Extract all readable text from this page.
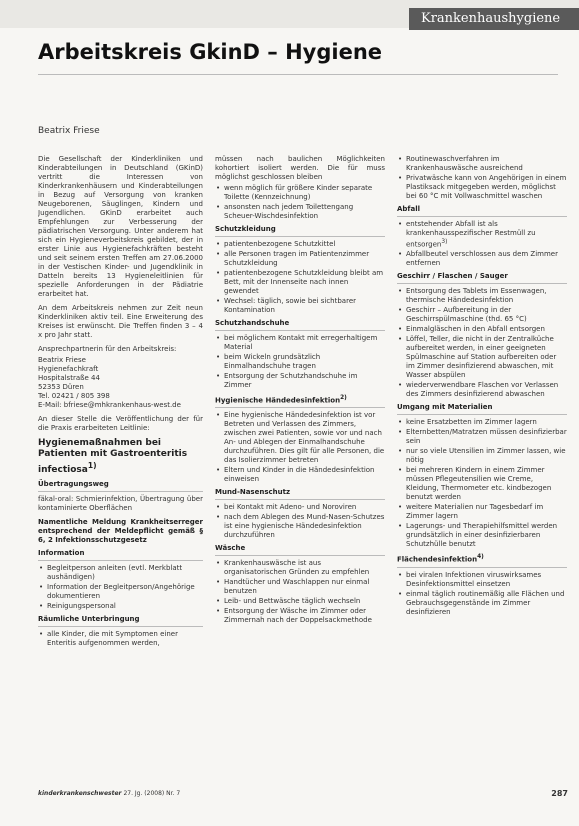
Krankenhaushygiene
Arbeitskreis GkinD – Hygiene
Beatrix Friese

Die Gesellschaft der Kinderkliniken und Kinderabteilungen in Deutschland (GKinD) vertritt die Interessen von Kinderkrankenhäusern und Kinderabteilungen in Bezug auf Versorgung von kranken Neugeborenen, Säuglingen, Kindern und Jugendlichen. GKinD erarbeitet auch Empfehlungen zur Verbesserung der pädiatrischen Versorgung. Unter anderem hat sich ein Hygieneverbeitskreis gebildet, der in erster Linie aus Hygienefachkräften besteht und seit seinem ersten Treffen am 27.06.2000 in der Vestischen Kinder- und Jugendklinik in Datteln bereits 13 Hygieneleitlinien für spezielle Anforderungen in der Pädiatrie erarbeitet hat.

An dem Arbeitskreis nehmen zur Zeit neun Kinderkliniken aktiv teil. Eine Erweiterung des Kreises ist erwünscht. Die Treffen finden 3 – 4 x pro Jahr statt.

Ansprechpartnerin für den Arbeitskreis:

Beatrix Friese
Hygienefachkraft
Hospitalstraße 44
52353 Düren
Tel. 02421 / 805 398
E-Mail: bfriese@mhkrankenhaus-west.de

An dieser Stelle die Veröffentlichung der für die Praxis erarbeiteten Leitlinie:

Hygienemaßnahmen bei Patienten mit Gastroenteritis infectiosa$^{1)}$
Übertragungsweg

fäkal-oral: Schmierinfektion, Übertragung über kontaminierte Oberflächen

Namentliche Meldung Krankheitserreger entsprechend der Meldepflicht gemäß § 6, 2 Infektionsschutzgesetz

Information
• Begleitperson anleiten (evtl. Merkblatt aushändigen)
• Information der Begleitperson/Angehörige dokumentieren
• Reinigungspersonal
Räumliche Unterbringung
• alle Kinder, die mit Symptomen einer Enteritis aufgenommen werden,

müssen nach baulichen Möglichkeiten kohortiert isoliert werden. Die für muss möglichst geschlossen bleiben

• wenn möglich für größere Kinder separate Toilette (Kennzeichnung)
• ansonsten nach jedem Toilettengang Scheuer-Wischdesinfektion
Schutzkleidung
• patientenbezogene Schutzkittel
• alle Personen tragen im Patientenzimmer Schutzkleidung
• patientenbezogene Schutzkleidung bleibt am Bett, mit der Innenseite nach innen gewendet
• Wechsel: täglich, sowie bei sichtbarer Kontamination
Schutzhandschuhe
• bei möglichem Kontakt mit erregerhaltigem Material
• beim Wickeln grundsätzlich Einmalhandschuhe tragen
• Entsorgung der Schutzhandschuhe im Zimmer
Hygienische Händedesinfektion$^{2)}$
• Eine hygienische Händedesinfektion ist vor Betreten und Verlassen des Zimmers, zwischen zwei Patienten, sowie vor und nach An- und Ablegen der Einmalhandschuhe durchzuführen. Dies gilt für alle Personen, die das Isolierzimmer betreten
• Eltern und Kinder in die Händedesinfektion einweisen
Mund-Nasenschutz
• bei Kontakt mit Adeno- und Noroviren
• nach dem Ablegen des Mund-Nasen-Schutzes ist eine hygienische Händedesinfektion durchzuführen
Wäsche
• Krankenhauswäsche ist aus organisatorischen Gründen zu empfehlen
• Handtücher und Waschlappen nur einmal benutzen
• Leib- und Bettwäsche täglich wechseln
• Entsorgung der Wäsche im Zimmer oder Zimmernah nach der Doppelsackmethode
• Routinewaschverfahren im Krankenhauswäsche ausreichend
• Privatwäsche kann von Angehörigen in einem Plastiksack mitgegeben werden, möglichst bei 60 °C mit Vollwaschmittel waschen
Abfall
• entstehender Abfall ist als krankenhausspezifischer Restmüll zu entsorgen$^{3)}$
• Abfallbeutel verschlossen aus dem Zimmer entfernen
Geschirr / Flaschen / Sauger
• Entsorgung des Tablets im Essenwagen, thermische Händedesinfektion
• Geschirr – Aufbereitung in der Geschirrspülmaschine (thd. 65 °C)
• Einmalgläschen in den Abfall entsorgen
• Löffel, Teller, die nicht in der Zentralküche aufbereitet werden, in einer geeigneten Spülmaschine auf Station aufbereiten oder im Zimmer desinfizierend abwaschen, mit Wasser abspülen
• wiederverwendbare Flaschen vor Verlassen des Zimmers desinfizierend abwaschen
Umgang mit Materialien
• keine Ersatzbetten im Zimmer lagern
• Elternbetten/Matratzen müssen desinfizierbar sein
• nur so viele Utensilien im Zimmer lassen, wie nötig
• bei mehreren Kindern in einem Zimmer müssen Pflegeutensilien wie Creme, Kleidung, Thermometer etc. kindbezogen benutzt werden
• weitere Materialien nur Tagesbedarf im Zimmer lagern
• Lagerungs- und Therapiehilfsmittel werden grundsätzlich in einer desinfizierbaren Schutzhülle benutzt
Flächendesinfektion$^{4)}$
• bei viralen Infektionen viruswirksames Desinfektionsmittel einsetzen
• einmal täglich routinemäßig alle Flächen und Gebrauchsgegenstände im Zimmer desinfizieren
kinderkrankenschwester 27. Jg. (2008) Nr. 7	287
